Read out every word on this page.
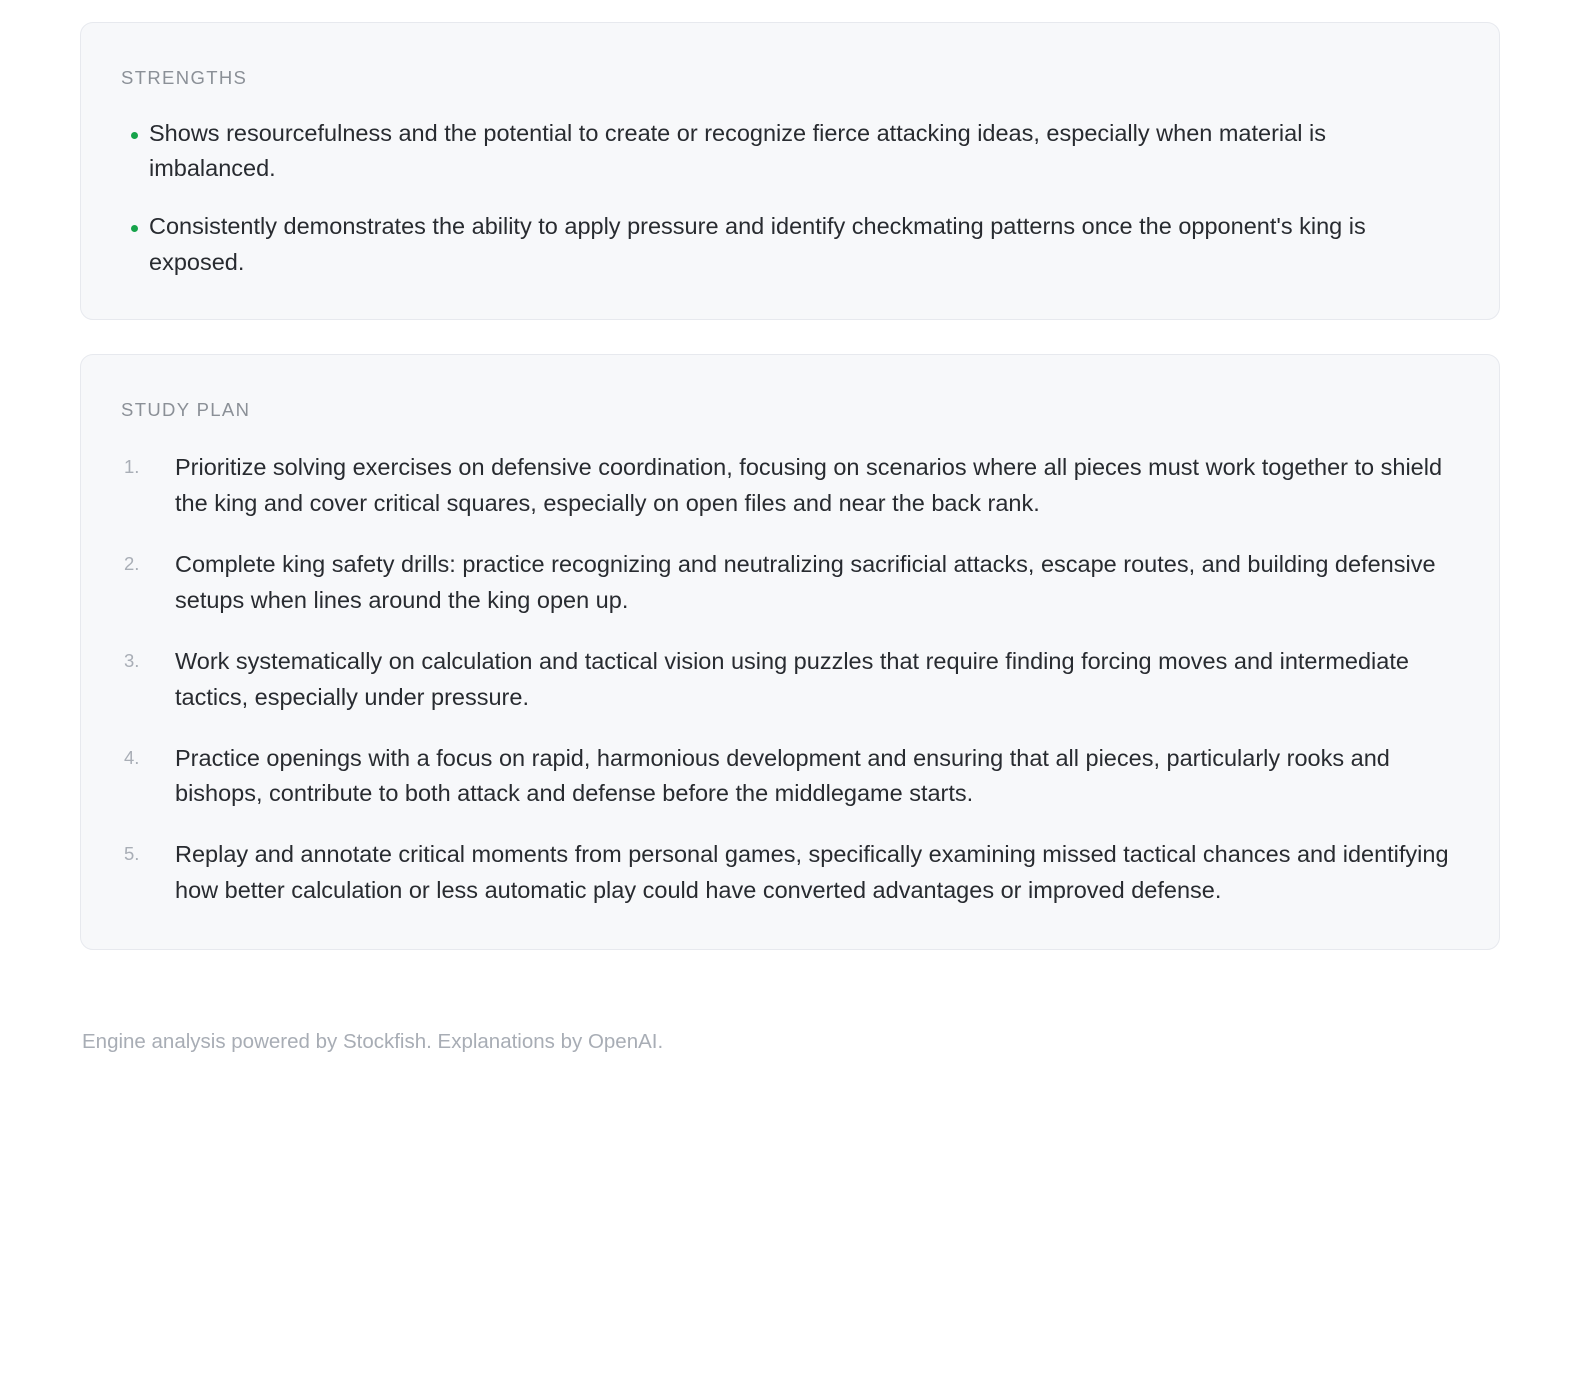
STRENGTHS
Shows resourcefulness and the potential to create or recognize fierce attacking ideas, especially when material is imbalanced.
Consistently demonstrates the ability to apply pressure and identify checkmating patterns once the opponent's king is exposed.
STUDY PLAN
1.	Prioritize solving exercises on defensive coordination, focusing on scenarios where all pieces must work together to shield the king and cover critical squares, especially on open files and near the back rank.
2.	Complete king safety drills: practice recognizing and neutralizing sacrificial attacks, escape routes, and building defensive setups when lines around the king open up.
3.	Work systematically on calculation and tactical vision using puzzles that require finding forcing moves and intermediate tactics, especially under pressure.
4.	Practice openings with a focus on rapid, harmonious development and ensuring that all pieces, particularly rooks and bishops, contribute to both attack and defense before the middlegame starts.
5.	Replay and annotate critical moments from personal games, specifically examining missed tactical chances and identifying how better calculation or less automatic play could have converted advantages or improved defense.
Engine analysis powered by Stockfish. Explanations by OpenAI.
